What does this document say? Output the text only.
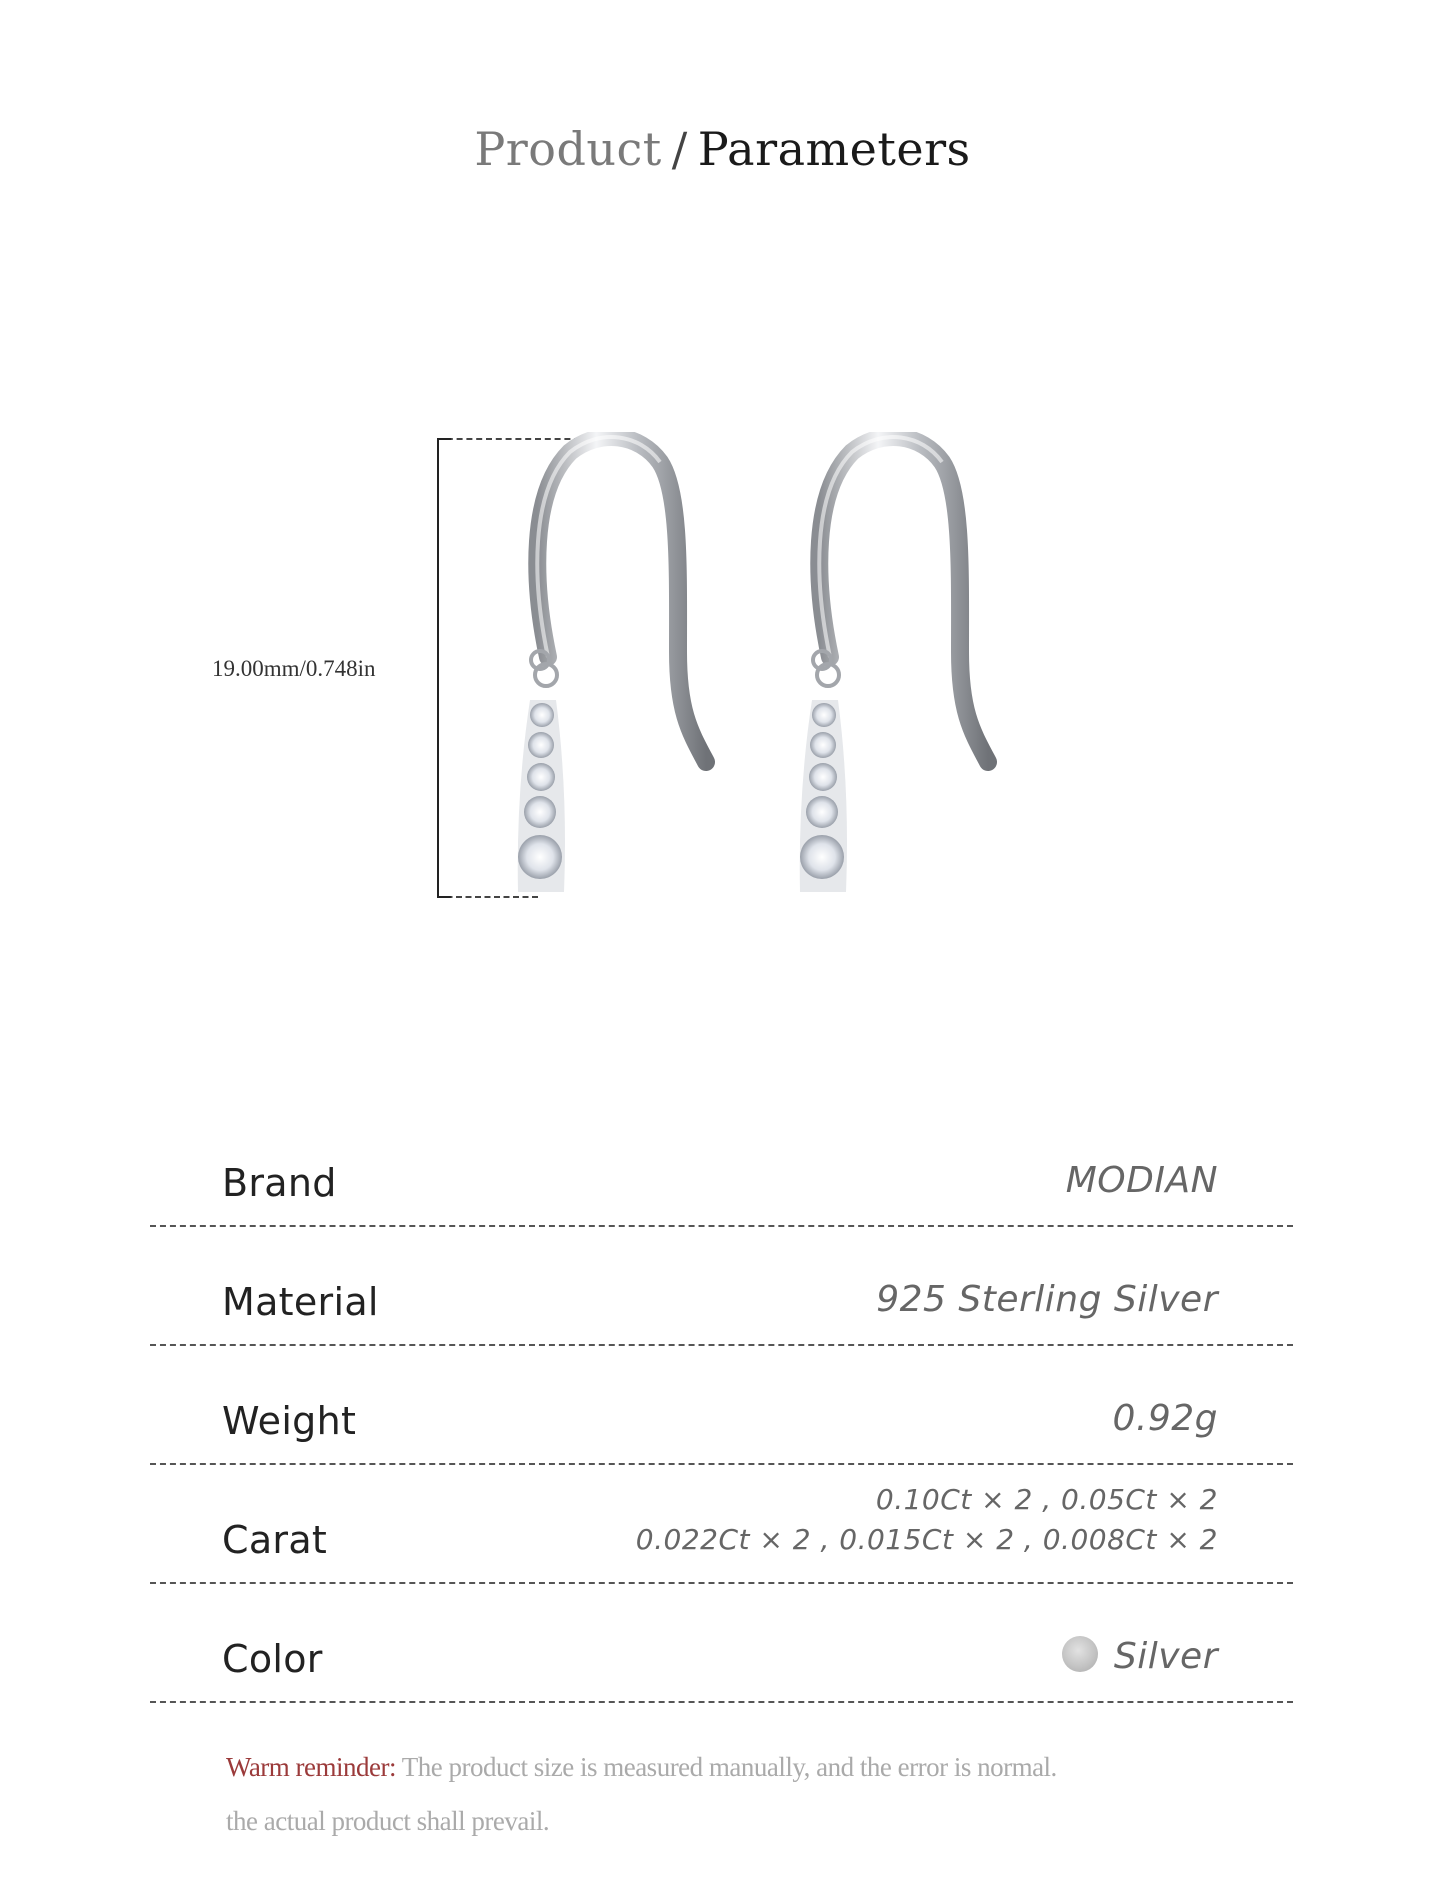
Product / Parameters
19.00mm/0.748in
Brand	MODIAN
Material	925 Sterling Silver
Weight	0.92g
Carat
0.10Ct × 2 , 0.05Ct × 2
0.022Ct × 2 , 0.015Ct × 2 , 0.008Ct × 2
Color	Silver
Warm reminder: The product size is measured manually, and the error is normal.
the actual product shall prevail.
